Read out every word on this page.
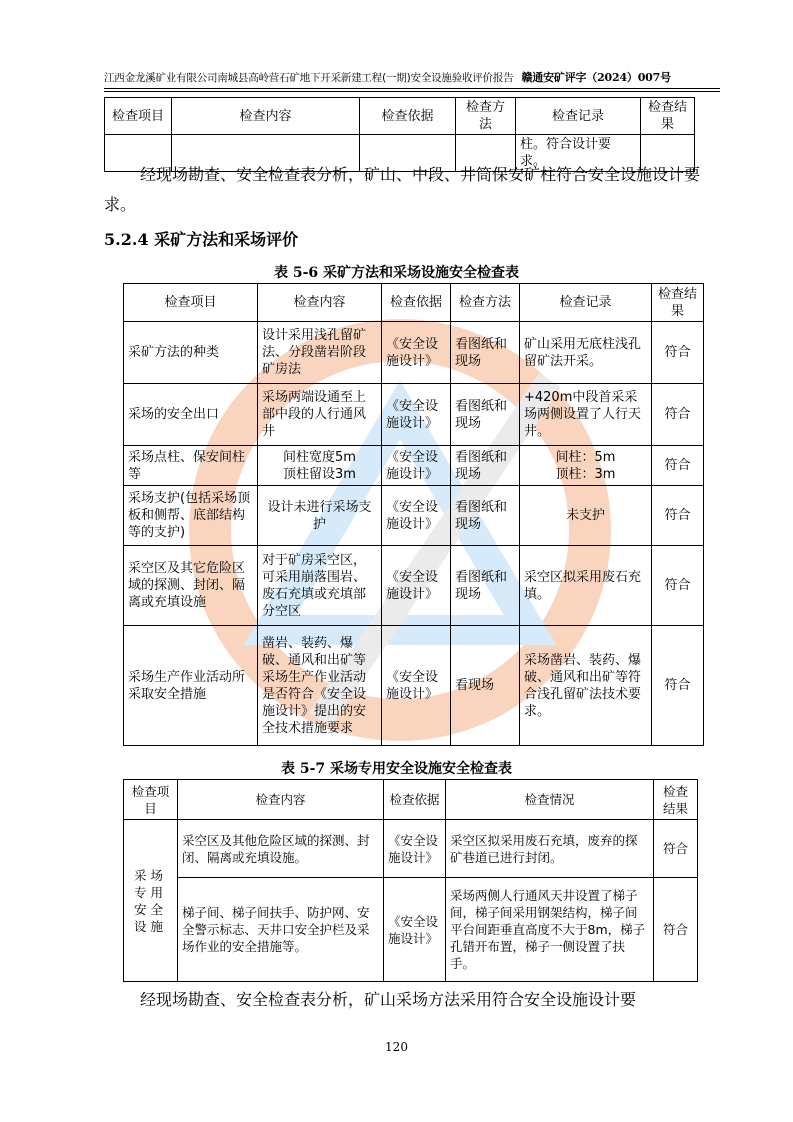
江西金龙溪矿业有限公司南城县高岭营石矿地下开采新建工程(一期)安全设施验收评价报告 赣通安矿评字（2024）007号
检查项目	检查内容	检查依据	检查方法	检查记录	检查结果
				柱。符合设计要求。	

经现场勘查、安全检查表分析，矿山、中段、井筒保安矿柱符合安全设施设计要求。

5.2.4 采矿方法和采场评价

表 5-6 采矿方法和采场设施安全检查表

检查项目	检查内容	检查依据	检查方法	检查记录	检查结果
采矿方法的种类	设计采用浅孔留矿法、分段凿岩阶段矿房法	《安全设施设计》	看图纸和现场	矿山采用无底柱浅孔留矿法开采。	符合
采场的安全出口	采场两端设通至上部中段的人行通风井	《安全设施设计》	看图纸和现场	+420m中段首采采场两侧设置了人行天井。	符合
采场点柱、保安间柱等	间柱宽度5m
顶柱留设3m	《安全设施设计》	看图纸和现场	间柱：5m
顶柱：3m	符合
采场支护(包括采场顶板和侧帮、底部结构等的支护)	设计未进行采场支护	《安全设施设计》	看图纸和现场	未支护	符合
采空区及其它危险区域的探测、封闭、隔离或充填设施	对于矿房采空区，可采用崩落围岩、废石充填或充填部分空区	《安全设施设计》	看图纸和现场	采空区拟采用废石充填。	符合
采场生产作业活动所采取安全措施	凿岩、装药、爆破、通风和出矿等采场生产作业活动是否符合《安全设施设计》提出的安全技术措施要求	《安全设施设计》	看现场	采场凿岩、装药、爆破、通风和出矿等符合浅孔留矿法技术要求。	符合

表 5-7 采场专用安全设施安全检查表

检查项目	检查内容	检查依据	检查情况	检查结果
采场专用安全设施	采空区及其他危险区域的探测、封闭、隔离或充填设施。	《安全设施设计》	采空区拟采用废石充填，废弃的探矿巷道已进行封闭。	符合
	梯子间、梯子间扶手、防护网、安全警示标志、天井口安全护栏及采场作业的安全措施等。	《安全设施设计》	采场两侧人行通风天井设置了梯子间，梯子间采用钢架结构，梯子间平台间距垂直高度不大于8m，梯子孔错开布置，梯子一侧设置了扶手。	符合

经现场勘查、安全检查表分析，矿山采场方法采用符合安全设施设计要

120
